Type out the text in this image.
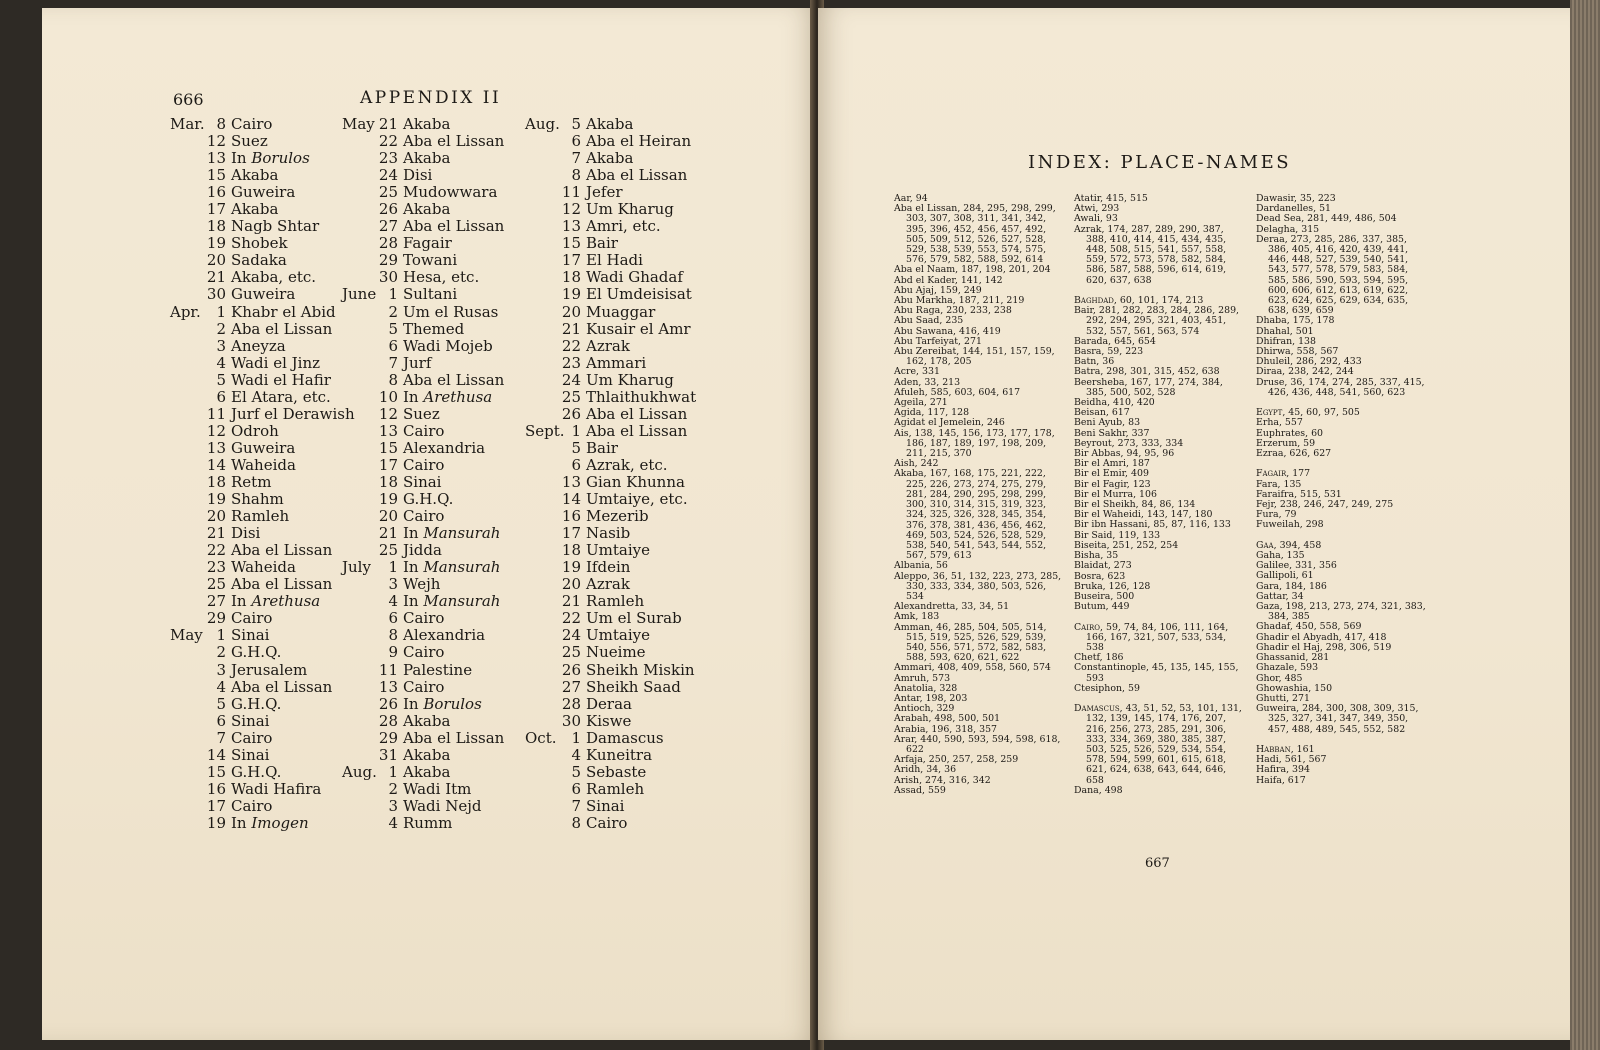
666	APPENDIX II
Mar. 8 Cairo
12 Suez
13 In Borulos
15 Akaba
16 Guweira
17 Akaba
18 Nagb Shtar
19 Shobek
20 Sadaka
21 Akaba, etc.
30 Guweira
Apr.	1 Khabr el Abid
2 Aba el Lissan
3 Aneyza
4 Wadi el Jinz
5 Wadi el Hafir
6 El Atara, etc.
11 Jurf el Derawish
12 Odroh
13 Guweira
14 Waheida
18 Retm
19 Shahm
20 Ramleh
21 Disi
22 Aba el Lissan
23 Waheida
25 Aba el Lissan
27 In Arethusa
29 Cairo
May 1 Sinai
2 G.H.Q.
3 Jerusalem
4 Aba el Lissan
5 G.H.Q.
6 Sinai
7 Cairo
14 Sinai
15 G.H.Q.
16 Wadi Hafira
17 Cairo
19 In Imogen
May 21 Akaba
22 Aba el Lissan
23 Akaba
24 Disi
25 Mudowwara
26 Akaba
27 Aba el Lissan
28 Fagair
29 Towani
30 Hesa, etc.
June 1 Sultani
2 Um el Rusas
5 Themed
6 Wadi Mojeb
7 Jurf
8 Aba el Lissan
10 In Arethusa
12 Suez
13 Cairo
15 Alexandria
17 Cairo
18 Sinai
19 G.H.Q.
20 Cairo
21 In Mansurah
25 Jidda
July	1 In Mansurah
3 Wejh
4 In Mansurah
6 Cairo
8 Alexandria
9 Cairo
11 Palestine
13 Cairo
26 In Borulos
28 Akaba
29 Aba el Lissan
31 Akaba
Aug. 1 Akaba
2 Wadi Itm
3 Wadi Nejd
4 Rumm
Aug. 5 Akaba
6 Aba el Heiran
7 Akaba
8 Aba el Lissan
11 Jefer
12 Um Kharug
13 Amri, etc.
15 Bair
17 El Hadi
18 Wadi Ghadaf
19 El Umdeisisat
20 Muaggar
21 Kusair el Amr
22 Azrak
23 Ammari
24 Um Kharug
25 Thlaithukhwat
26 Aba el Lissan
Sept. 1 Aba el Lissan
5 Bair
6 Azrak, etc.
13 Gian Khunna
14 Umtaiye, etc.
16 Mezerib
17 Nasib
18 Umtaiye
19 Ifdein
20 Azrak
21 Ramleh
22 Um el Surab
24 Umtaiye
25 Nueime
26 Sheikh Miskin
27 Sheikh Saad
28 Deraa
30 Kiswe
Oct. 1 Damascus
4 Kuneitra
5 Sebaste
6 Ramleh
7 Sinai
8 Cairo
INDEX: PLACE-NAMES
Aar, 94
Aba el Lissan, 284, 295, 298, 299, 303, 307, 308, 311, 341, 342, 395, 396, 452, 456, 457, 492, 505, 509, 512, 526, 527, 528, 529, 538, 539, 553, 574, 575, 576, 579, 582, 588, 592, 614
Aba el Naam, 187, 198, 201, 204
Abd el Kader, 141, 142
Abu Ajaj, 159, 249
Abu Markha, 187, 211, 219
Abu Raga, 230, 233, 238
Abu Saad, 235
Abu Sawana, 416, 419
Abu Tarfeiyat, 271
Abu Zereibat, 144, 151, 157, 159, 162, 178, 205
Acre, 331
Aden, 33, 213
Afuleh, 585, 603, 604, 617
Ageila, 271
Agida, 117, 128
Agidat el Jemelein, 246
Ais, 138, 145, 156, 173, 177, 178, 186, 187, 189, 197, 198, 209, 211, 215, 370
Aish, 242
Akaba, 167, 168, 175, 221, 222, 225, 226, 273, 274, 275, 279, 281, 284, 290, 295, 298, 299, 300, 310, 314, 315, 319, 323, 324, 325, 326, 328, 345, 354, 376, 378, 381, 436, 456, 462, 469, 503, 524, 526, 528, 529, 538, 540, 541, 543, 544, 552, 567, 579, 613
Albania, 56
Aleppo, 36, 51, 132, 223, 273, 285, 330, 333, 334, 380, 503, 526, 534
Alexandretta, 33, 34, 51
Amk, 183
Amman, 46, 285, 504, 505, 514, 515, 519, 525, 526, 529, 539, 540, 556, 571, 572, 582, 583, 588, 593, 620, 621, 622
Ammari, 408, 409, 558, 560, 574
Amruh, 573
Anatolia, 328
Antar, 198, 203
Antioch, 329
Arabah, 498, 500, 501
Arabia, 196, 318, 357
Arar, 440, 590, 593, 594, 598, 618, 622
Arfaja, 250, 257, 258, 259
Aridh, 34, 36
Arish, 274, 316, 342
Assad, 559
Atatir, 415, 515
Atwi, 293
Awali, 93
Azrak, 174, 287, 289, 290, 387, 388, 410, 414, 415, 434, 435, 448, 508, 515, 541, 557, 558, 559, 572, 573, 578, 582, 584, 586, 587, 588, 596, 614, 619, 620, 637, 638
Baghdad, 60, 101, 174, 213
Bair, 281, 282, 283, 284, 286, 289, 292, 294, 295, 321, 403, 451, 532, 557, 561, 563, 574
Barada, 645, 654
Basra, 59, 223
Batn, 36
Batra, 298, 301, 315, 452, 638
Beersheba, 167, 177, 274, 384, 385, 500, 502, 528
Beidha, 410, 420
Beisan, 617
Beni Ayub, 83
Beni Sakhr, 337
Beyrout, 273, 333, 334
Bir Abbas, 94, 95, 96
Bir el Amri, 187
Bir el Emir, 409
Bir el Fagir, 123
Bir el Murra, 106
Bir el Sheikh, 84, 86, 134
Bir el Waheidi, 143, 147, 180
Bir ibn Hassani, 85, 87, 116, 133
Bir Said, 119, 133
Biseita, 251, 252, 254
Bisha, 35
Blaidat, 273
Bosra, 623
Bruka, 126, 128
Buseira, 500
Butum, 449
Cairo, 59, 74, 84, 106, 111, 164, 166, 167, 321, 507, 533, 534, 538
Chetf, 186
Constantinople, 45, 135, 145, 155, 593
Ctesiphon, 59
Damascus, 43, 51, 52, 53, 101, 131, 132, 139, 145, 174, 176, 207, 216, 256, 273, 285, 291, 306, 333, 334, 369, 380, 385, 387, 503, 525, 526, 529, 534, 554, 578, 594, 599, 601, 615, 618, 621, 624, 638, 643, 644, 646, 658
Dana, 498
Dawasir, 35, 223
Dardanelles, 51
Dead Sea, 281, 449, 486, 504
Delagha, 315
Deraa, 273, 285, 286, 337, 385, 386, 405, 416, 420, 439, 441, 446, 448, 527, 539, 540, 541, 543, 577, 578, 579, 583, 584, 585, 586, 590, 593, 594, 595, 600, 606, 612, 613, 619, 622, 623, 624, 625, 629, 634, 635, 638, 639, 659
Dhaba, 175, 178
Dhahal, 501
Dhifran, 138
Dhirwa, 558, 567
Dhuleil, 286, 292, 433
Diraa, 238, 242, 244
Druse, 36, 174, 274, 285, 337, 415, 426, 436, 448, 541, 560, 623
Egypt, 45, 60, 97, 505
Erha, 557
Euphrates, 60
Erzerum, 59
Ezraa, 626, 627
Fagair, 177
Fara, 135
Faraifra, 515, 531
Fejr, 238, 246, 247, 249, 275
Fura, 79
Fuweilah, 298
Gaa, 394, 458
Gaha, 135
Galilee, 331, 356
Gallipoli, 61
Gara, 184, 186
Gattar, 34
Gaza, 198, 213, 273, 274, 321, 383, 384, 385
Ghadaf, 450, 558, 569
Ghadir el Abyadh, 417, 418
Ghadir el Haj, 298, 306, 519
Ghassanid, 281
Ghazale, 593
Ghor, 485
Ghowashia, 150
Ghutti, 271
Guweira, 284, 300, 308, 309, 315, 325, 327, 341, 347, 349, 350, 457, 488, 489, 545, 552, 582
Habban, 161
Hadi, 561, 567
Hafira, 394
Haifa, 617
667
